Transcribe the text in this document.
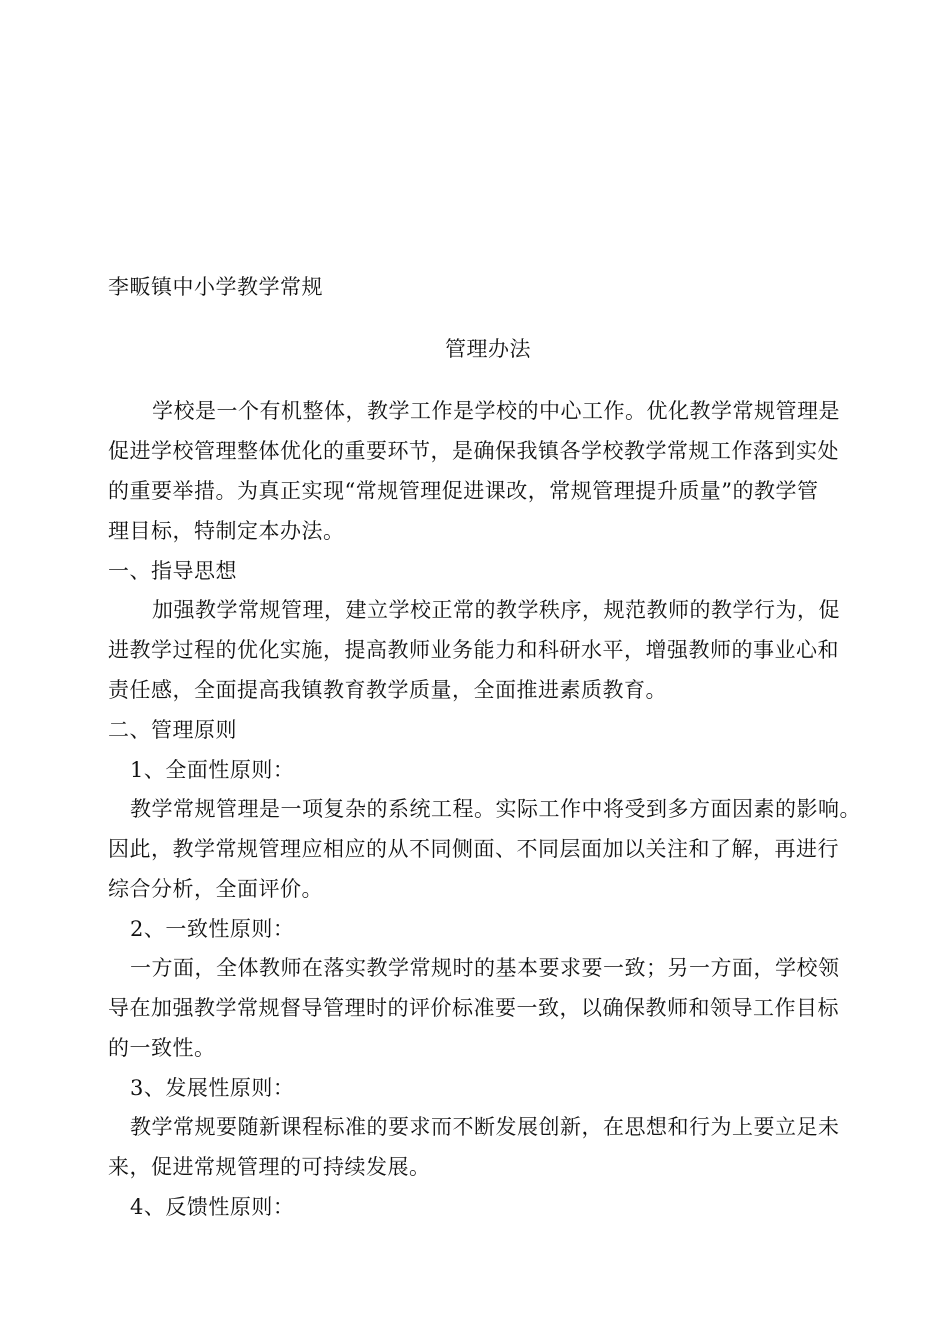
李畈镇中小学教学常规
管理办法
学校是一个有机整体，教学工作是学校的中心工作。优化教学常规管理是
促进学校管理整体优化的重要环节，是确保我镇各学校教学常规工作落到实处
的重要举措。为真正实现“常规管理促进课改，常规管理提升质量”的教学管
理目标，特制定本办法。
一、指导思想
加强教学常规管理，建立学校正常的教学秩序，规范教师的教学行为，促
进教学过程的优化实施，提高教师业务能力和科研水平，增强教师的事业心和
责任感，全面提高我镇教育教学质量，全面推进素质教育。
二、管理原则
1、全面性原则：
教学常规管理是一项复杂的系统工程。实际工作中将受到多方面因素的影响。
因此，教学常规管理应相应的从不同侧面、不同层面加以关注和了解，再进行
综合分析，全面评价。
2、一致性原则：
一方面，全体教师在落实教学常规时的基本要求要一致；另一方面，学校领
导在加强教学常规督导管理时的评价标准要一致，以确保教师和领导工作目标
的一致性。
3、发展性原则：
教学常规要随新课程标准的要求而不断发展创新，在思想和行为上要立足未
来，促进常规管理的可持续发展。
4、反馈性原则：
